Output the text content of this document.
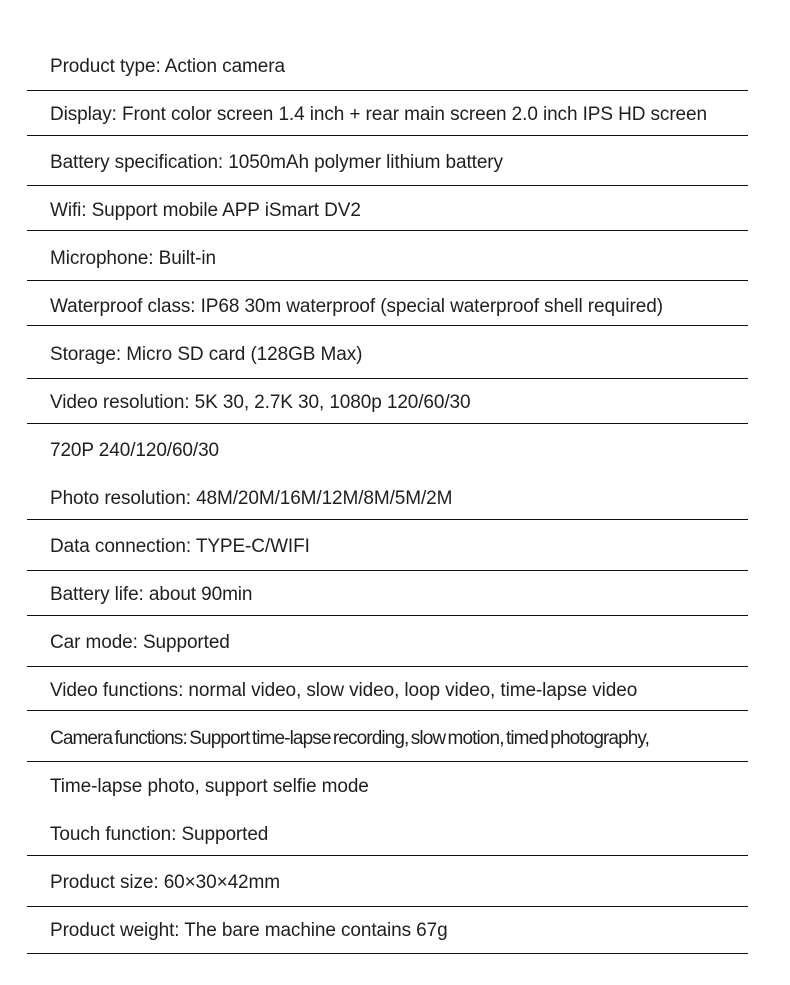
Product type: Action camera
Display: Front color screen 1.4 inch + rear main screen 2.0 inch IPS HD screen
Battery specification: 1050mAh polymer lithium battery
Wifi: Support mobile APP iSmart DV2
Microphone: Built-in
Waterproof class: IP68 30m waterproof (special waterproof shell required)
Storage: Micro SD card (128GB Max)
Video resolution: 5K 30, 2.7K 30, 1080p 120/60/30
720P 240/120/60/30
Photo resolution: 48M/20M/16M/12M/8M/5M/2M
Data connection: TYPE-C/WIFI
Battery life: about 90min
Car mode: Supported
Video functions: normal video, slow video, loop video, time-lapse video
Camera functions: Support time-lapse recording, slow motion, timed photography,
Time-lapse photo, support selfie mode
Touch function: Supported
Product size: 60×30×42mm
Product weight: The bare machine contains 67g
